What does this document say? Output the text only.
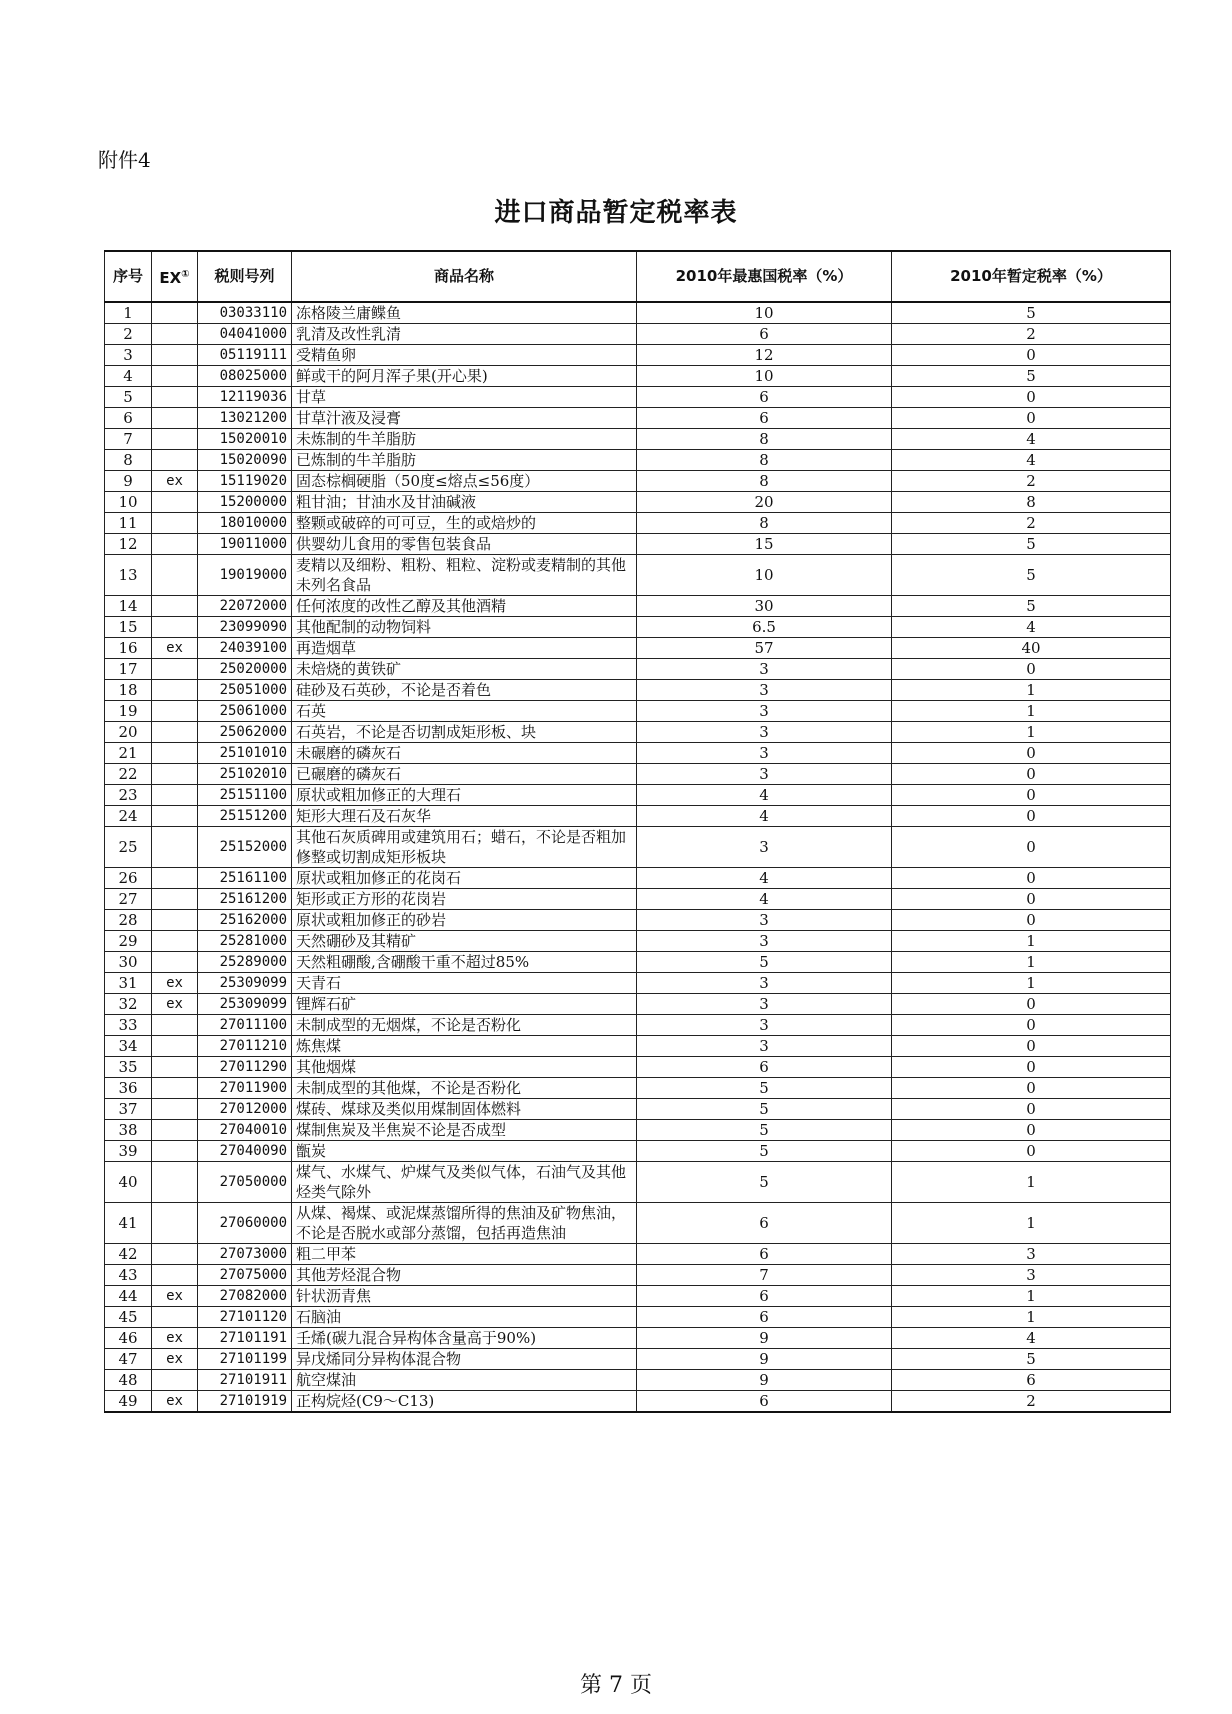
附件4
进口商品暂定税率表
序号	EX①	税则号列	商品名称	2010年最惠国税率（%）	2010年暂定税率（%）
1		03033110	冻格陵兰庸鲽鱼	10	5
2		04041000	乳清及改性乳清	6	2
3		05119111	受精鱼卵	12	0
4		08025000	鲜或干的阿月浑子果(开心果)	10	5
5		12119036	甘草	6	0
6		13021200	甘草汁液及浸膏	6	0
7		15020010	未炼制的牛羊脂肪	8	4
8		15020090	已炼制的牛羊脂肪	8	4
9	ex	15119020	固态棕榈硬脂（50度≤熔点≤56度）	8	2
10		15200000	粗甘油；甘油水及甘油碱液	20	8
11		18010000	整颗或破碎的可可豆，生的或焙炒的	8	2
12		19011000	供婴幼儿食用的零售包装食品	15	5
13		19019000	麦精以及细粉、粗粉、粗粒、淀粉或麦精制的其他未列名食品	10	5
14		22072000	任何浓度的改性乙醇及其他酒精	30	5
15		23099090	其他配制的动物饲料	6.5	4
16	ex	24039100	再造烟草	57	40
17		25020000	未焙烧的黄铁矿	3	0
18		25051000	硅砂及石英砂，不论是否着色	3	1
19		25061000	石英	3	1
20		25062000	石英岩，不论是否切割成矩形板、块	3	1
21		25101010	未碾磨的磷灰石	3	0
22		25102010	已碾磨的磷灰石	3	0
23		25151100	原状或粗加修正的大理石	4	0
24		25151200	矩形大理石及石灰华	4	0
25		25152000	其他石灰质碑用或建筑用石；蜡石，不论是否粗加修整或切割成矩形板块	3	0
26		25161100	原状或粗加修正的花岗石	4	0
27		25161200	矩形或正方形的花岗岩	4	0
28		25162000	原状或粗加修正的砂岩	3	0
29		25281000	天然硼砂及其精矿	3	1
30		25289000	天然粗硼酸,含硼酸干重不超过85%	5	1
31	ex	25309099	天青石	3	1
32	ex	25309099	锂辉石矿	3	0
33		27011100	未制成型的无烟煤，不论是否粉化	3	0
34		27011210	炼焦煤	3	0
35		27011290	其他烟煤	6	0
36		27011900	未制成型的其他煤，不论是否粉化	5	0
37		27012000	煤砖、煤球及类似用煤制固体燃料	5	0
38		27040010	煤制焦炭及半焦炭不论是否成型	5	0
39		27040090	甑炭	5	0
40		27050000	煤气、水煤气、炉煤气及类似气体，石油气及其他烃类气除外	5	1
41		27060000	从煤、褐煤、或泥煤蒸馏所得的焦油及矿物焦油，不论是否脱水或部分蒸馏，包括再造焦油	6	1
42		27073000	粗二甲苯	6	3
43		27075000	其他芳烃混合物	7	3
44	ex	27082000	针状沥青焦	6	1
45		27101120	石脑油	6	1
46	ex	27101191	壬烯(碳九混合异构体含量高于90%)	9	4
47	ex	27101199	异戊烯同分异构体混合物	9	5
48		27101911	航空煤油	9	6
49	ex	27101919	正构烷烃(C9～C13)	6	2
第 7 页
